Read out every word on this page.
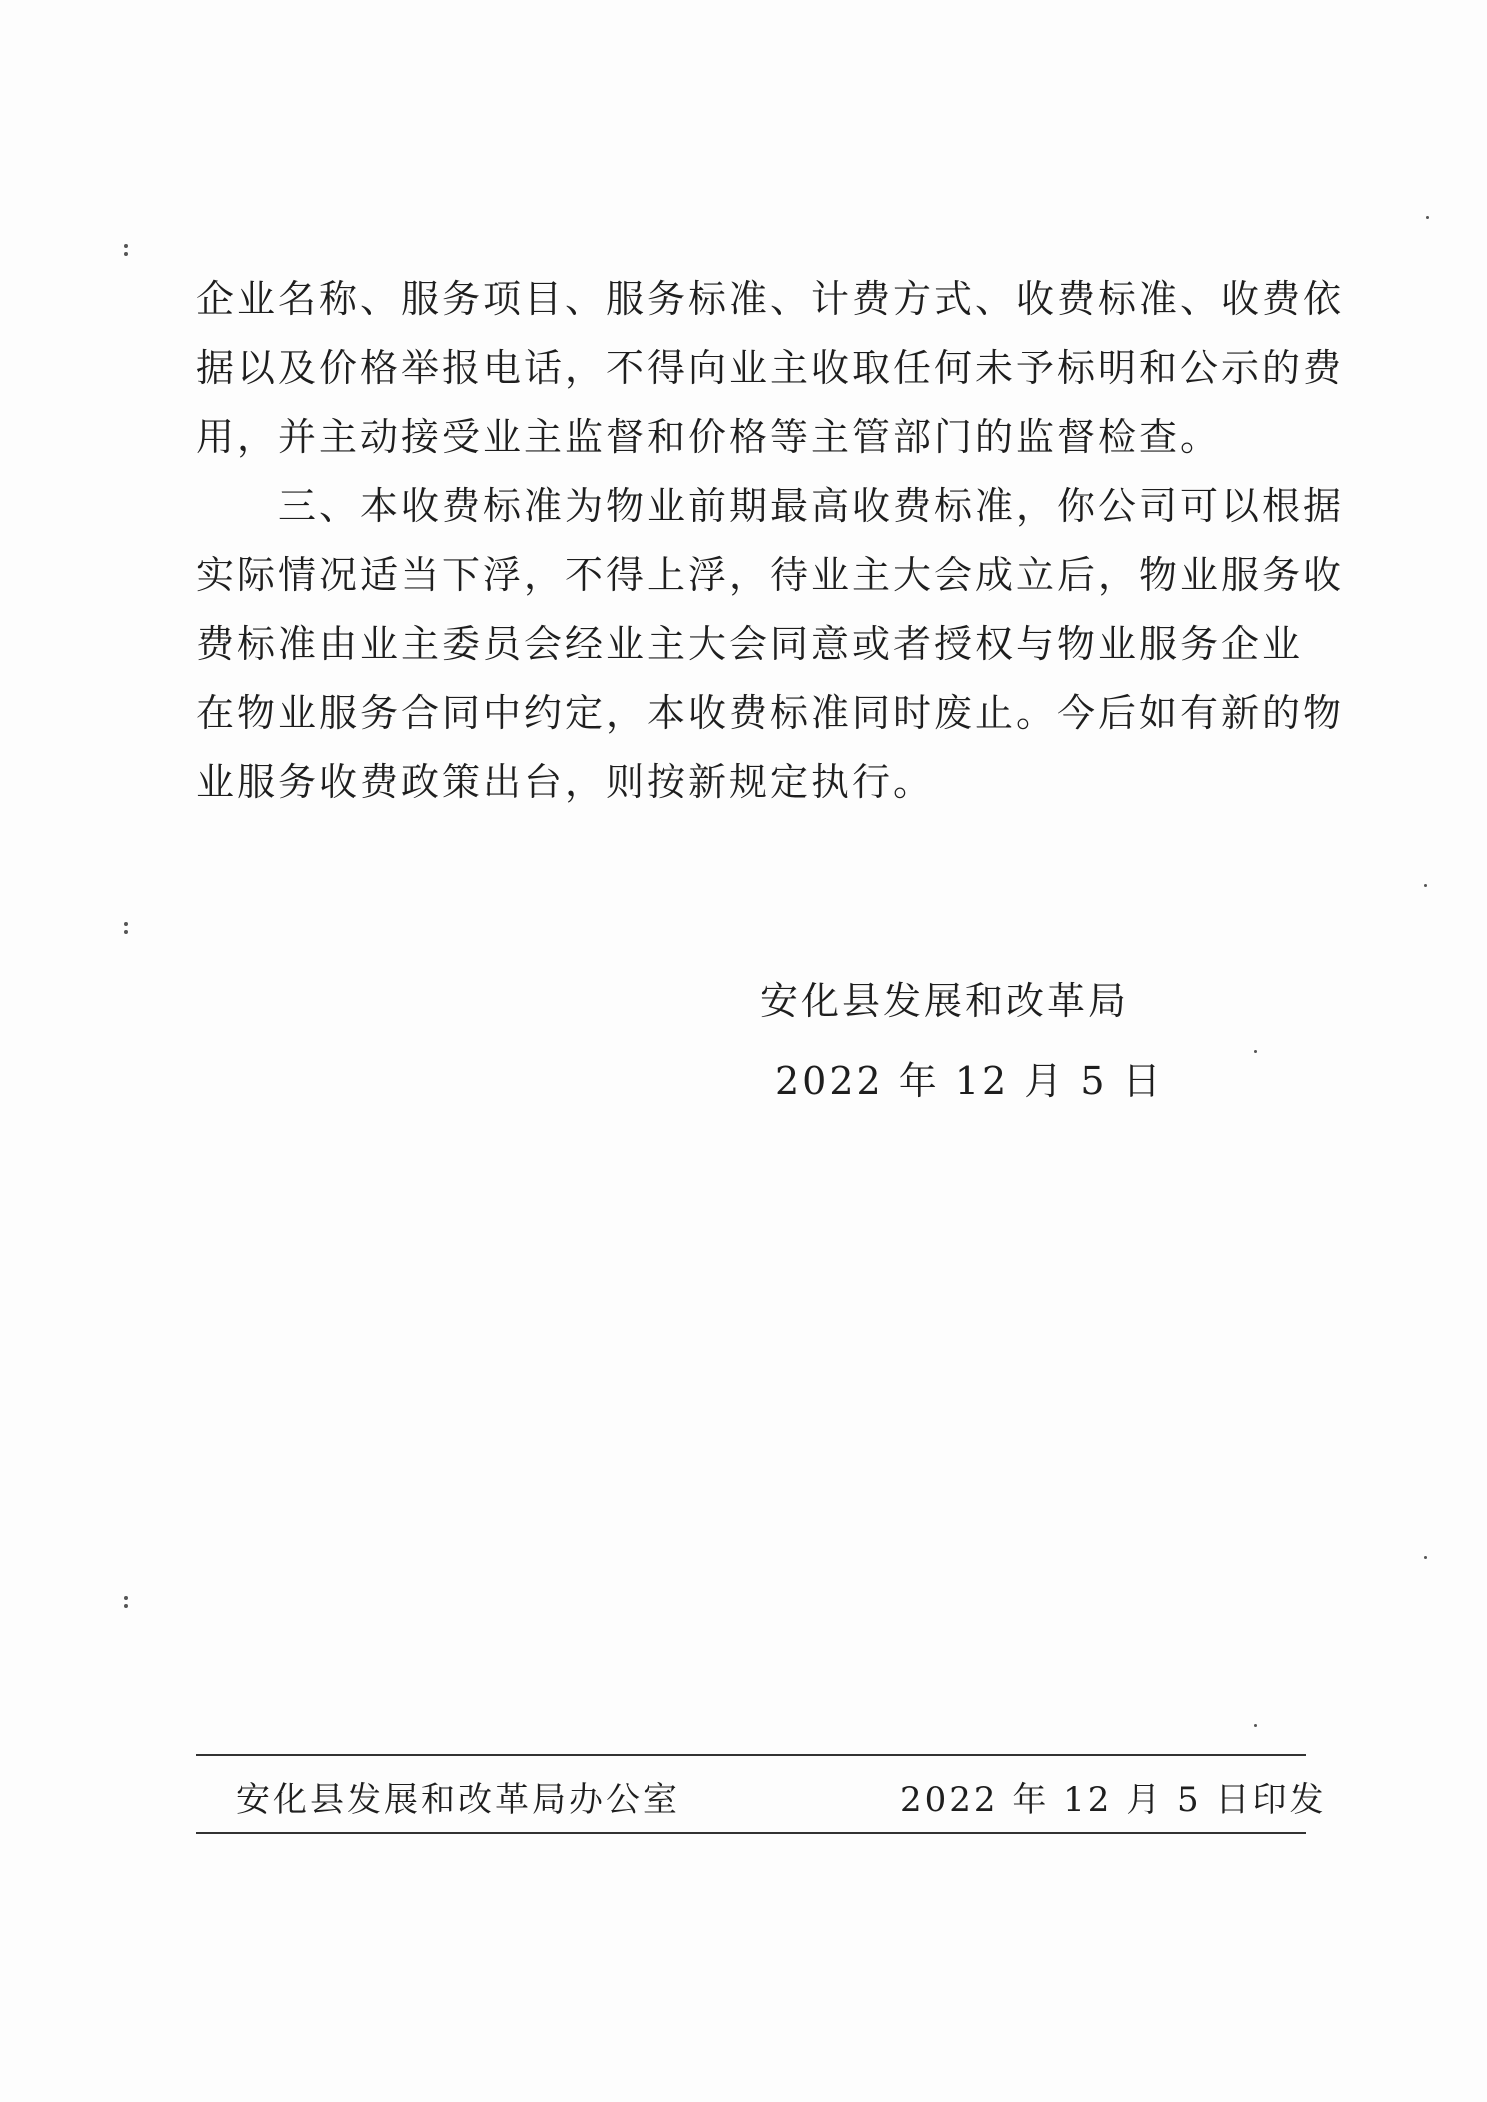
企业名称、服务项目、服务标准、计费方式、收费标准、收费依
据以及价格举报电话，不得向业主收取任何未予标明和公示的费
用，并主动接受业主监督和价格等主管部门的监督检查。
三、本收费标准为物业前期最高收费标准，你公司可以根据
实际情况适当下浮，不得上浮，待业主大会成立后，物业服务收
费标准由业主委员会经业主大会同意或者授权与物业服务企业
在物业服务合同中约定，本收费标准同时废止。今后如有新的物
业服务收费政策出台，则按新规定执行。

安化县发展和改革局

2022 年 12 月 5 日

安化县发展和改革局办公室	2022 年 12 月 5 日印发
